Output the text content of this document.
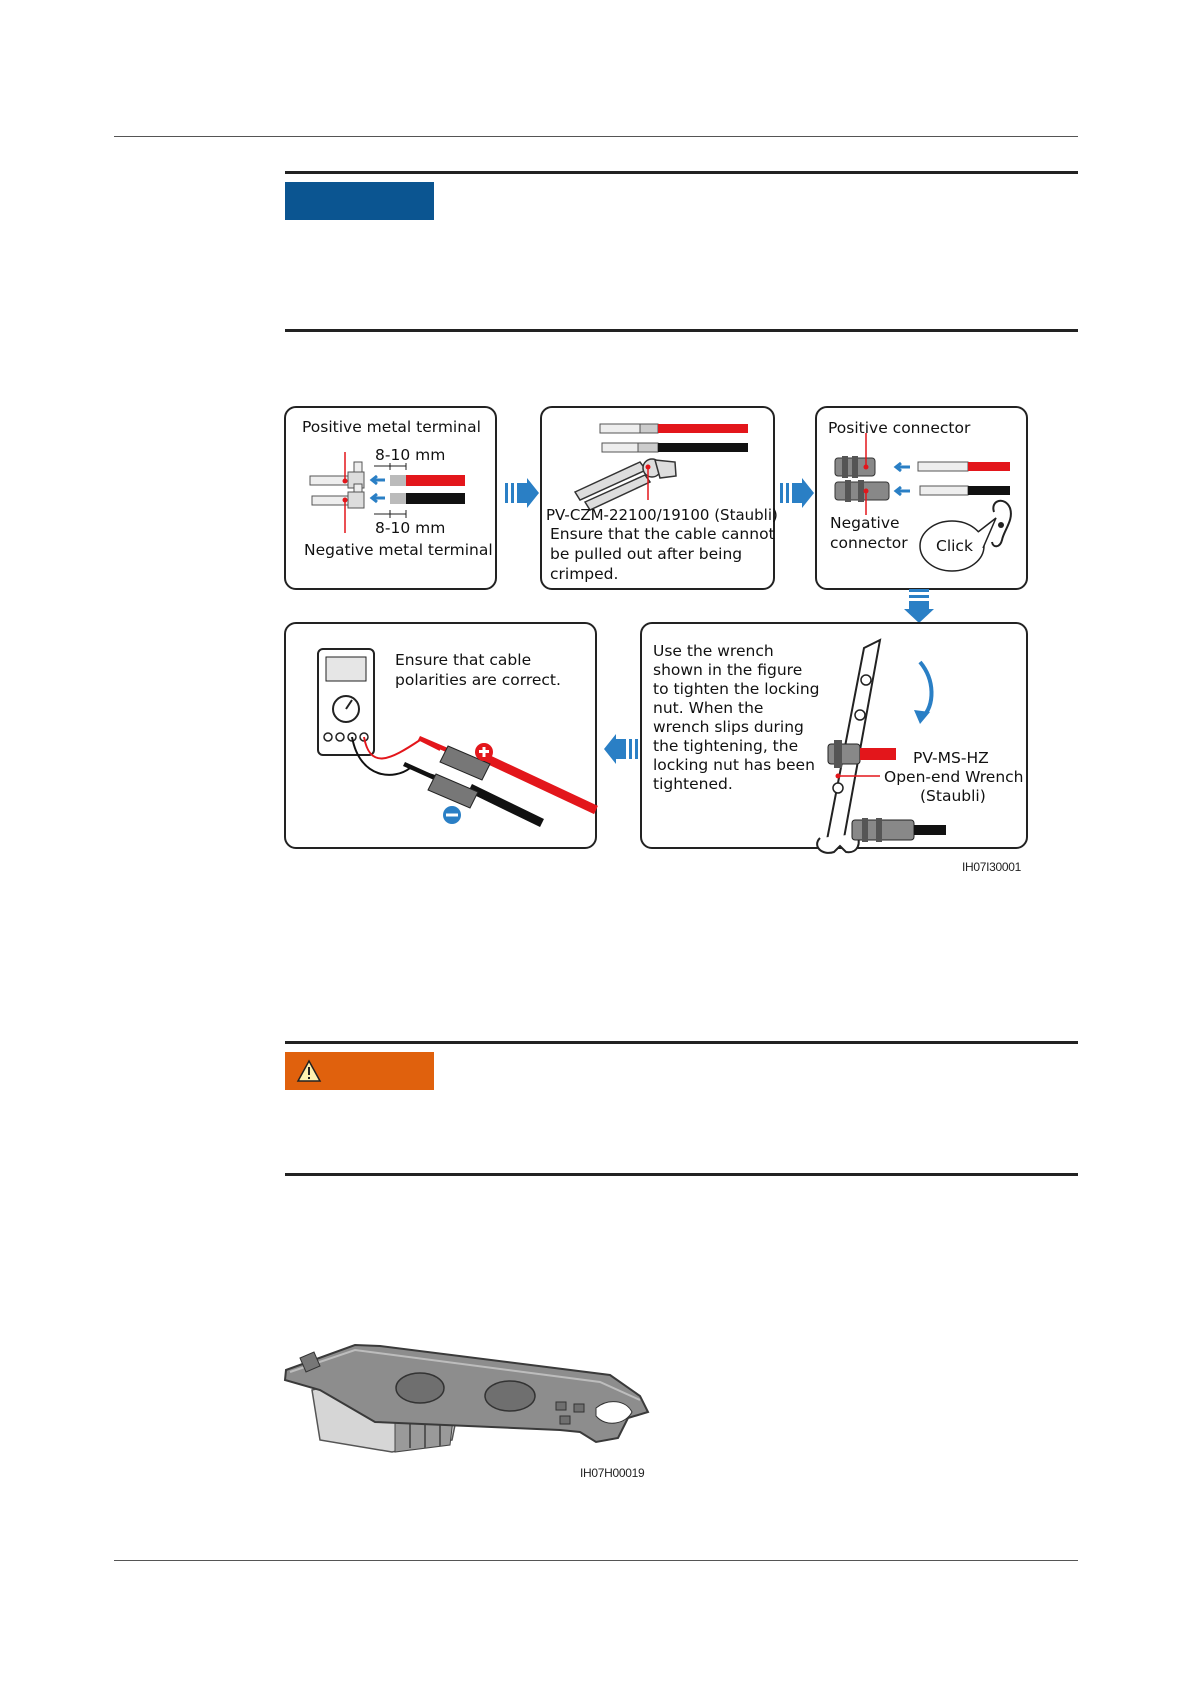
Positive metal terminal
8-10 mm
8-10 mm
Negative metal terminal
PV-CZM-22100/19100 (Staubli)
Ensure that the cable cannot
be pulled out after being
crimped.
Positive connector
Negative
connector Click
Ensure that cable
polarities are correct.
Use the wrench
shown in the figure
to tighten the locking
nut. When the
wrench slips during
the tightening, the
locking nut has been
tightened.
PV-MS-HZ
Open-end Wrench
(Staubli)
IH07I30001
IH07H00019
